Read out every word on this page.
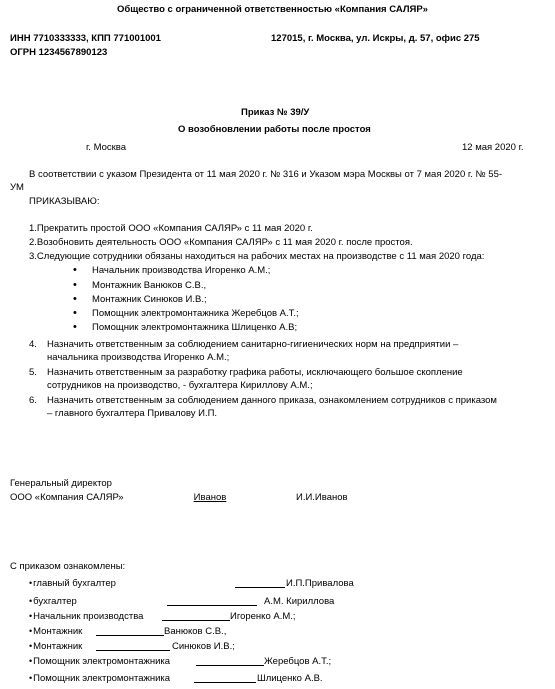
Общество с ограниченной ответственностью «Компания САЛЯР»
ИНН 7710333333, КПП 771001001	127015, г. Москва, ул. Искры, д. 57, офис 275
ОГРН 1234567890123
Приказ № 39/У
О возобновлении работы после простоя
г. Москва	12 мая 2020 г.
В соответствии с указом Президента от 11 мая 2020 г. № 316 и Указом мэра Москвы от 7 мая 2020 г. № 55-
УМ
ПРИКАЗЫВАЮ:
1.Прекратить простой ООО «Компания САЛЯР» с 11 мая 2020 г.
2.Возобновить деятельность ООО «Компания САЛЯР» с 11 мая 2020 г. после простоя.
3.Следующие сотрудники обязаны находиться на рабочих местах на производстве с 11 мая 2020 года:
• Начальник производства Игоренко А.М.;
• Монтажник Ванюков С.В.,
• Монтажник Синюков И.В.;
• Помощник электромонтажника Жеребцов А.Т.;
• Помощник электромонтажника Шлиценко А.В;
4. Назначить ответственным за соблюдением санитарно-гигиенических норм на предприятии –
начальника производства Игоренко А.М.;
5. Назначить ответственным за разработку графика работы, исключающего большое скопление
сотрудников на производство, - бухгалтера Кириллову А.М.;
6. Назначить ответственным за соблюдением данного приказа, ознакомлением сотрудников с приказом
– главного бухгалтера Привалову И.П.
Генеральный директор
ООО «Компания САЛЯР»	Иванов	И.И.Иванов
С приказом ознакомлены:
• главный бухгалтер	И.П.Привалова
• бухгалтер	А.М. Кириллова
• Начальник производства	Игоренко А.М.;
• Монтажник	Ванюков С.В.,
• Монтажник	Синюков И.В.;
• Помощник электромонтажника	Жеребцов А.Т.;
• Помощник электромонтажника	Шлиценко А.В.
